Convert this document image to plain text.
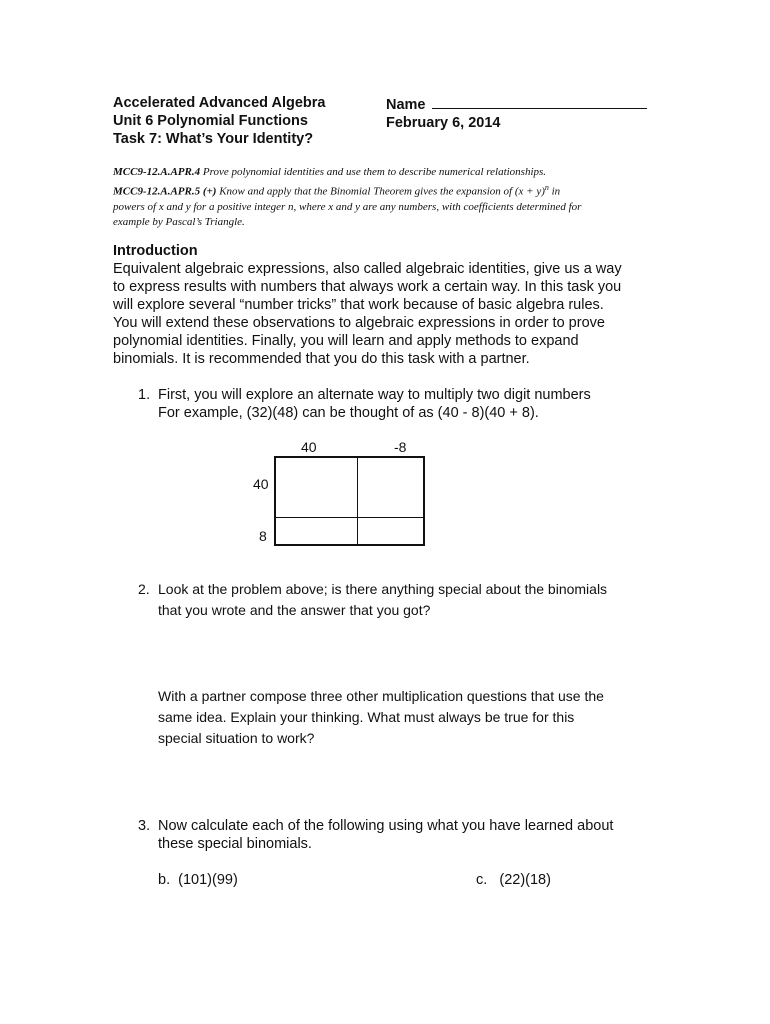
Accelerated Advanced Algebra
Unit 6 Polynomial Functions
Task 7: What’s Your Identity?
Name
February 6, 2014
MCC9-12.A.APR.4 Prove polynomial identities and use them to describe numerical relationships.
MCC9-12.A.APR.5 (+) Know and apply that the Binomial Theorem gives the expansion of $(x + y)^n$ in
powers of x and y for a positive integer n, where x and y are any numbers, with coefficients determined for
example by Pascal’s Triangle.
Introduction
Equivalent algebraic expressions, also called algebraic identities, give us a way
to express results with numbers that always work a certain way. In this task you
will explore several “number tricks” that work because of basic algebra rules.
You will extend these observations to algebraic expressions in order to prove
polynomial identities. Finally, you will learn and apply methods to expand
binomials. It is recommended that you do this task with a partner.
1. First, you will explore an alternate way to multiply two digit numbers
For example, (32)(48) can be thought of as (40 - 8)(40 + 8).
40	-8
40
8
2. Look at the problem above; is there anything special about the binomials
that you wrote and the answer that you got?
With a partner compose three other multiplication questions that use the
same idea. Explain your thinking. What must always be true for this
special situation to work?
3. Now calculate each of the following using what you have learned about
these special binomials.
b. (101)(99)	c. (22)(18)
